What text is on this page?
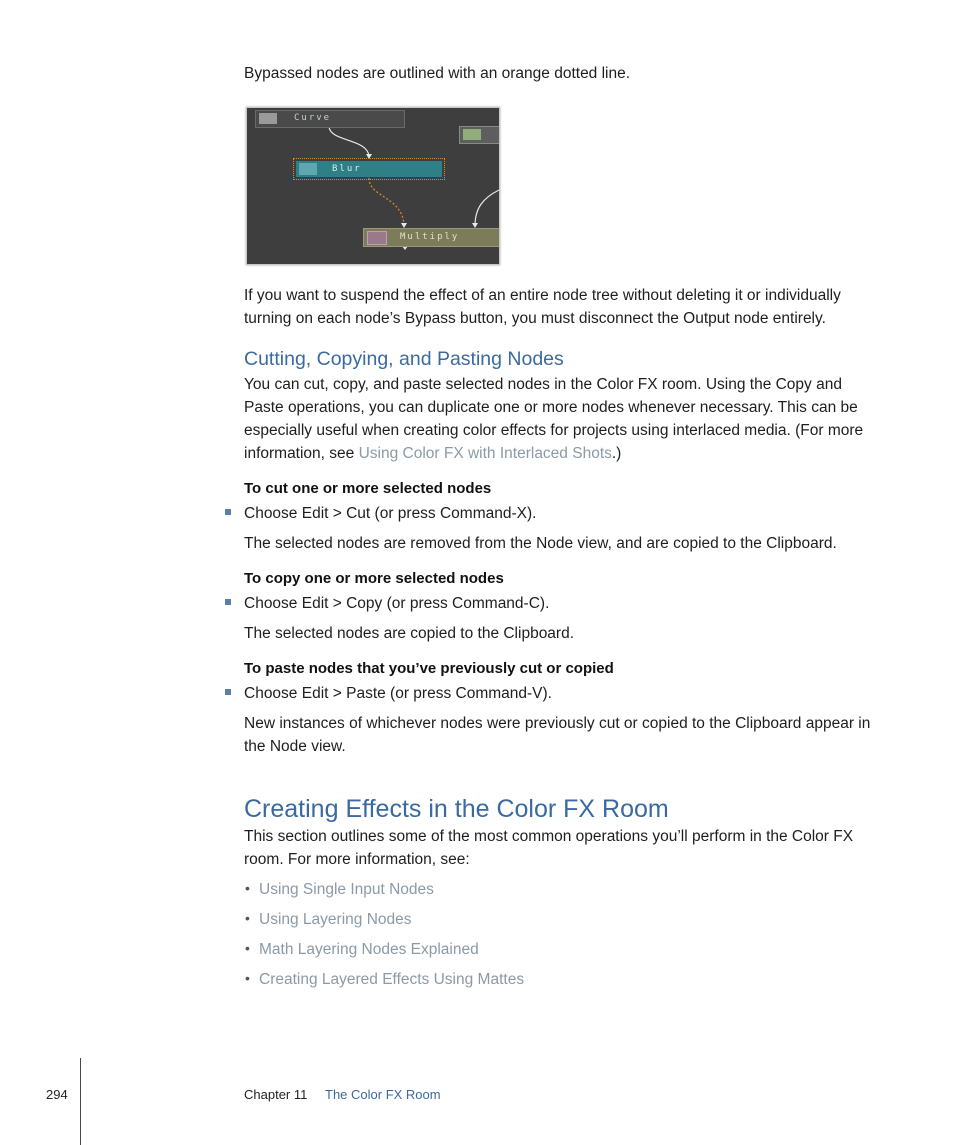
Bypassed nodes are outlined with an orange dotted line.
Curve
Blur
Multiply
If you want to suspend the effect of an entire node tree without deleting it or individually turning on each node’s Bypass button, you must disconnect the Output node entirely.
Cutting, Copying, and Pasting Nodes
You can cut, copy, and paste selected nodes in the Color FX room. Using the Copy and Paste operations, you can duplicate one or more nodes whenever necessary. This can be especially useful when creating color effects for projects using interlaced media. (For more information, see Using Color FX with Interlaced Shots.)
To cut one or more selected nodes
Choose Edit > Cut (or press Command-X).
The selected nodes are removed from the Node view, and are copied to the Clipboard.
To copy one or more selected nodes
Choose Edit > Copy (or press Command-C).
The selected nodes are copied to the Clipboard.
To paste nodes that you’ve previously cut or copied
Choose Edit > Paste (or press Command-V).
New instances of whichever nodes were previously cut or copied to the Clipboard appear in the Node view.
Creating Effects in the Color FX Room
This section outlines some of the most common operations you’ll perform in the Color FX room. For more information, see:
• Using Single Input Nodes
• Using Layering Nodes
• Math Layering Nodes Explained
• Creating Layered Effects Using Mattes
294	Chapter 11 The Color FX Room
